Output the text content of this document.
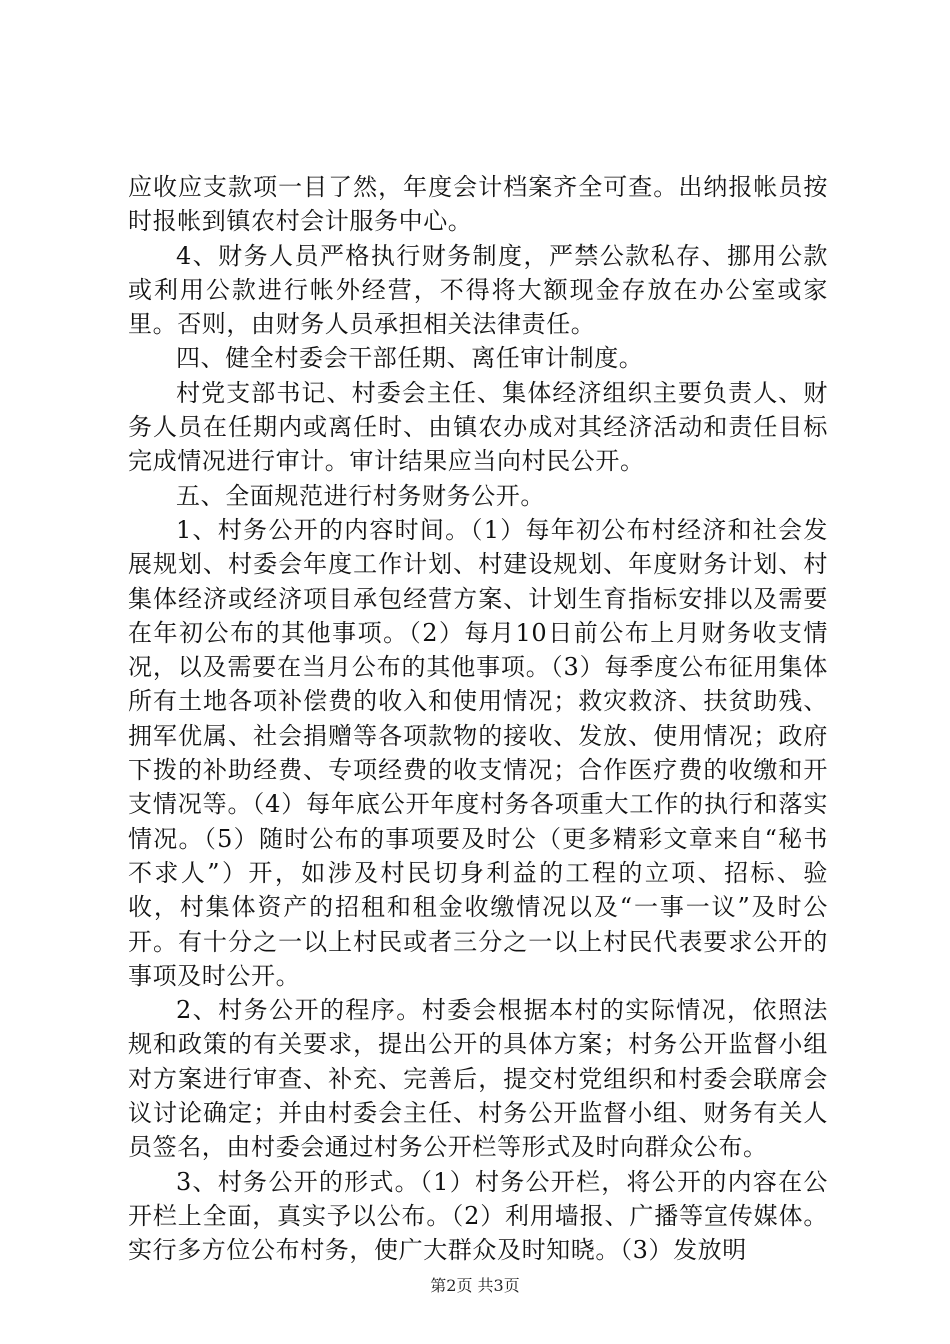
应收应支款项一目了然，年度会计档案齐全可查。出纳报帐员按时报帐到镇农村会计服务中心。

4、财务人员严格执行财务制度，严禁公款私存、挪用公款或利用公款进行帐外经营，不得将大额现金存放在办公室或家里。否则，由财务人员承担相关法律责任。

四、健全村委会干部任期、离任审计制度。

村党支部书记、村委会主任、集体经济组织主要负责人、财务人员在任期内或离任时、由镇农办成对其经济活动和责任目标完成情况进行审计。审计结果应当向村民公开。

五、全面规范进行村务财务公开。

1、村务公开的内容时间。（1）每年初公布村经济和社会发展规划、村委会年度工作计划、村建设规划、年度财务计划、村集体经济或经济项目承包经营方案、计划生育指标安排以及需要在年初公布的其他事项。（2）每月10日前公布上月财务收支情况，以及需要在当月公布的其他事项。（3）每季度公布征用集体所有土地各项补偿费的收入和使用情况；救灾救济、扶贫助残、拥军优属、社会捐赠等各项款物的接收、发放、使用情况；政府下拨的补助经费、专项经费的收支情况；合作医疗费的收缴和开支情况等。（4）每年底公开年度村务各项重大工作的执行和落实情况。（5）随时公布的事项要及时公（更多精彩文章来自“秘书不求人”）开，如涉及村民切身利益的工程的立项、招标、验收，村集体资产的招租和租金收缴情况以及“一事一议”及时公开。有十分之一以上村民或者三分之一以上村民代表要求公开的事项及时公开。

2、村务公开的程序。村委会根据本村的实际情况，依照法规和政策的有关要求，提出公开的具体方案；村务公开监督小组对方案进行审查、补充、完善后，提交村党组织和村委会联席会议讨论确定；并由村委会主任、村务公开监督小组、财务有关人员签名，由村委会通过村务公开栏等形式及时向群众公布。

3、村务公开的形式。（1）村务公开栏，将公开的内容在公开栏上全面，真实予以公布。（2）利用墙报、广播等宣传媒体。实行多方位公布村务，使广大群众及时知晓。（3）发放明

第2页 共3页
